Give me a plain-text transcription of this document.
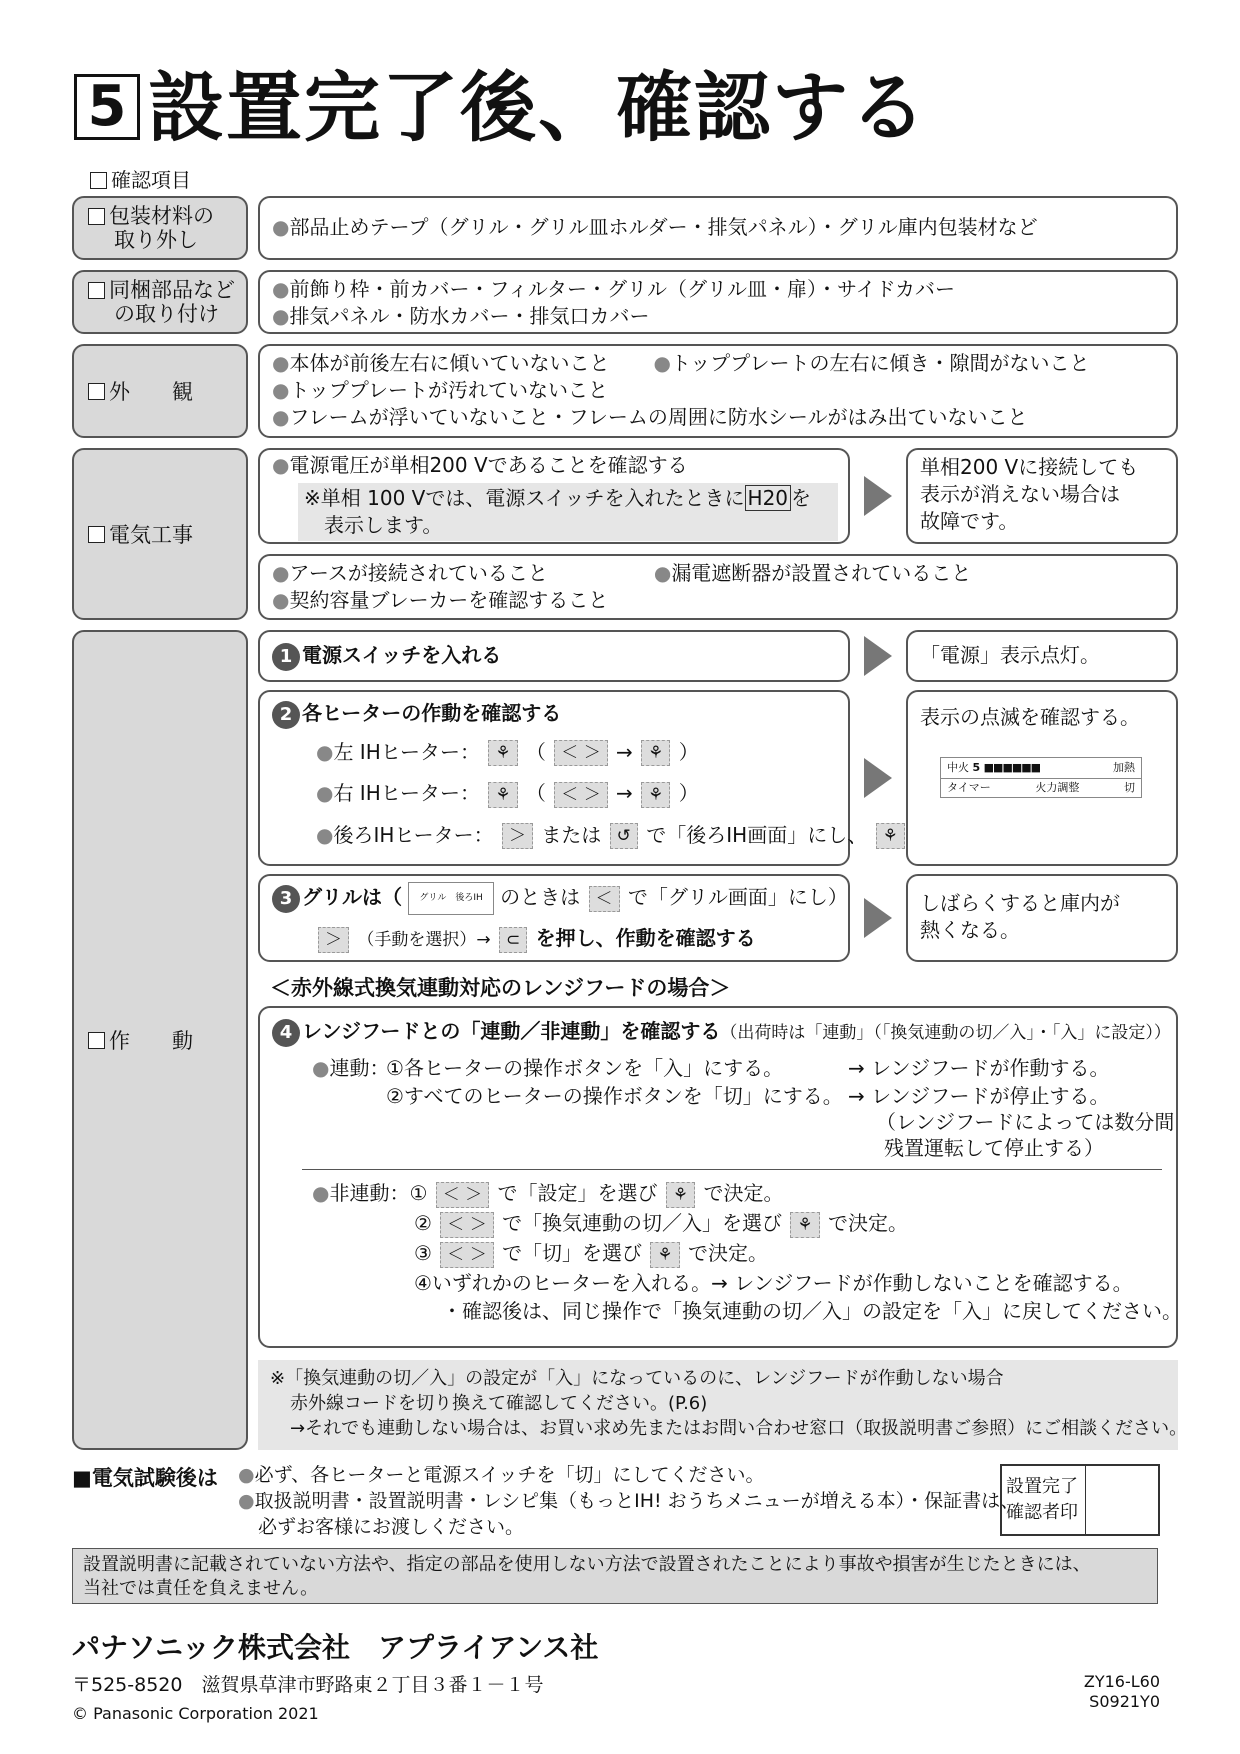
5 設置完了後、確認する
確認項目
包装材料の
取り外し
●部品止めテープ（グリル・グリル皿ホルダー・排気パネル）・グリル庫内包装材など
同梱部品など
の取り付け
●前飾り枠・前カバー・フィルター・グリル（グリル皿・扉）・サイドカバー
●排気パネル・防水カバー・排気口カバー
外　　観
●本体が前後左右に傾いていないこと ●トッププレートの左右に傾き・隙間がないこと
●トッププレートが汚れていないこと
●フレームが浮いていないこと・フレームの周囲に防水シールがはみ出ていないこと
電気工事
●電源電圧が単相200 Vであることを確認する
※単相 100 Vでは、電源スイッチを入れたときに H20 を
表示します。
単相200 Vに接続しても
表示が消えない場合は
故障です。
●アースが接続されていること	●漏電遮断器が設置されていること
●契約容量ブレーカーを確認すること
作　　動
1 電源スイッチを入れる	「電源」表示点灯。
2 各ヒーターの作動を確認する
●左 IHヒーター： ⚘ （ ＜ ＞ → ⚘ ）
●右 IHヒーター： ⚘ （ ＜ ＞ → ⚘ ）
●後ろIHヒーター： ＞ または ↺ で「後ろIH画面」にし、 ⚘
表示の点滅を確認する。
中火 5 ■■■■■■	加熱
タイマー	火力調整	切
3 グリルは（ グリル　後ろIH のときは ＜ で「グリル画面」にし）
＞ （手動を選択）→ ⊂ を押し、作動を確認する
しばらくすると庫内が
熱くなる。
＜赤外線式換気連動対応のレンジフードの場合＞
4 レンジフードとの「連動／非連動」を確認する（出荷時は「連動」（「換気連動の切／入」・「入」に設定））
●連動：
①各ヒーターの操作ボタンを「入」にする。	→ レンジフードが作動する。
②すべてのヒーターの操作ボタンを「切」にする。 → レンジフードが停止する。
（レンジフードによっては数分間
残置運転して停止する）
●非連動：① ＜ ＞ で「設定」を選び ⚘ で決定。
② ＜ ＞ で「換気連動の切／入」を選び ⚘ で決定。
③ ＜ ＞ で「切」を選び ⚘ で決定。
④いずれかのヒーターを入れる。→ レンジフードが作動しないことを確認する。
・確認後は、同じ操作で「換気連動の切／入」の設定を「入」に戻してください。
※「換気連動の切／入」の設定が「入」になっているのに、レンジフードが作動しない場合
赤外線コードを切り換えて確認してください。(P.6)
→それでも連動しない場合は、お買い求め先またはお問い合わせ窓口（取扱説明書ご参照）にご相談ください。
■電気試験後は ●必ず、各ヒーターと電源スイッチを「切」にしてください。
●取扱説明書・設置説明書・レシピ集（もっとIH! おうちメニューが増える本）・保証書は、
必ずお客様にお渡しください。
設置完了
確認者印
設置説明書に記載されていない方法や、指定の部品を使用しない方法で設置されたことにより事故や損害が生じたときには、
当社では責任を負えません。
パナソニック株式会社　アプライアンス社
〒525-8520　滋賀県草津市野路東２丁目３番１－１号
© Panasonic Corporation 2021
ZY16-L60
S0921Y0
